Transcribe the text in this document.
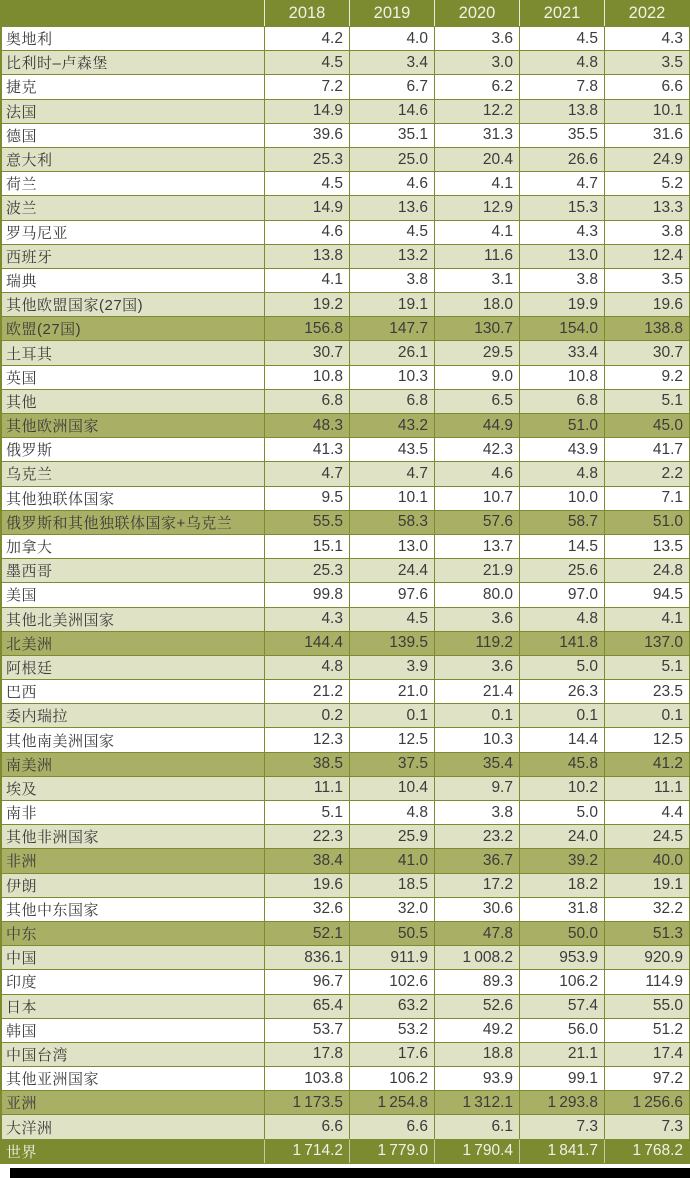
	2018	2019	2020	2021	2022
奥地利	4.2	4.0	3.6	4.5	4.3
比利时–卢森堡	4.5	3.4	3.0	4.8	3.5
捷克	7.2	6.7	6.2	7.8	6.6
法国	14.9	14.6	12.2	13.8	10.1
德国	39.6	35.1	31.3	35.5	31.6
意大利	25.3	25.0	20.4	26.6	24.9
荷兰	4.5	4.6	4.1	4.7	5.2
波兰	14.9	13.6	12.9	15.3	13.3
罗马尼亚	4.6	4.5	4.1	4.3	3.8
西班牙	13.8	13.2	11.6	13.0	12.4
瑞典	4.1	3.8	3.1	3.8	3.5
其他欧盟国家(27国)	19.2	19.1	18.0	19.9	19.6
欧盟(27国)	156.8	147.7	130.7	154.0	138.8
土耳其	30.7	26.1	29.5	33.4	30.7
英国	10.8	10.3	9.0	10.8	9.2
其他	6.8	6.8	6.5	6.8	5.1
其他欧洲国家	48.3	43.2	44.9	51.0	45.0
俄罗斯	41.3	43.5	42.3	43.9	41.7
乌克兰	4.7	4.7	4.6	4.8	2.2
其他独联体国家	9.5	10.1	10.7	10.0	7.1
俄罗斯和其他独联体国家+乌克兰	55.5	58.3	57.6	58.7	51.0
加拿大	15.1	13.0	13.7	14.5	13.5
墨西哥	25.3	24.4	21.9	25.6	24.8
美国	99.8	97.6	80.0	97.0	94.5
其他北美洲国家	4.3	4.5	3.6	4.8	4.1
北美洲	144.4	139.5	119.2	141.8	137.0
阿根廷	4.8	3.9	3.6	5.0	5.1
巴西	21.2	21.0	21.4	26.3	23.5
委内瑞拉	0.2	0.1	0.1	0.1	0.1
其他南美洲国家	12.3	12.5	10.3	14.4	12.5
南美洲	38.5	37.5	35.4	45.8	41.2
埃及	11.1	10.4	9.7	10.2	11.1
南非	5.1	4.8	3.8	5.0	4.4
其他非洲国家	22.3	25.9	23.2	24.0	24.5
非洲	38.4	41.0	36.7	39.2	40.0
伊朗	19.6	18.5	17.2	18.2	19.1
其他中东国家	32.6	32.0	30.6	31.8	32.2
中东	52.1	50.5	47.8	50.0	51.3
中国	836.1	911.9	1 008.2	953.9	920.9
印度	96.7	102.6	89.3	106.2	114.9
日本	65.4	63.2	52.6	57.4	55.0
韩国	53.7	53.2	49.2	56.0	51.2
中国台湾	17.8	17.6	18.8	21.1	17.4
其他亚洲国家	103.8	106.2	93.9	99.1	97.2
亚洲	1 173.5	1 254.8	1 312.1	1 293.8	1 256.6
大洋洲	6.6	6.6	6.1	7.3	7.3
世界	1 714.2	1 779.0	1 790.4	1 841.7	1 768.2
